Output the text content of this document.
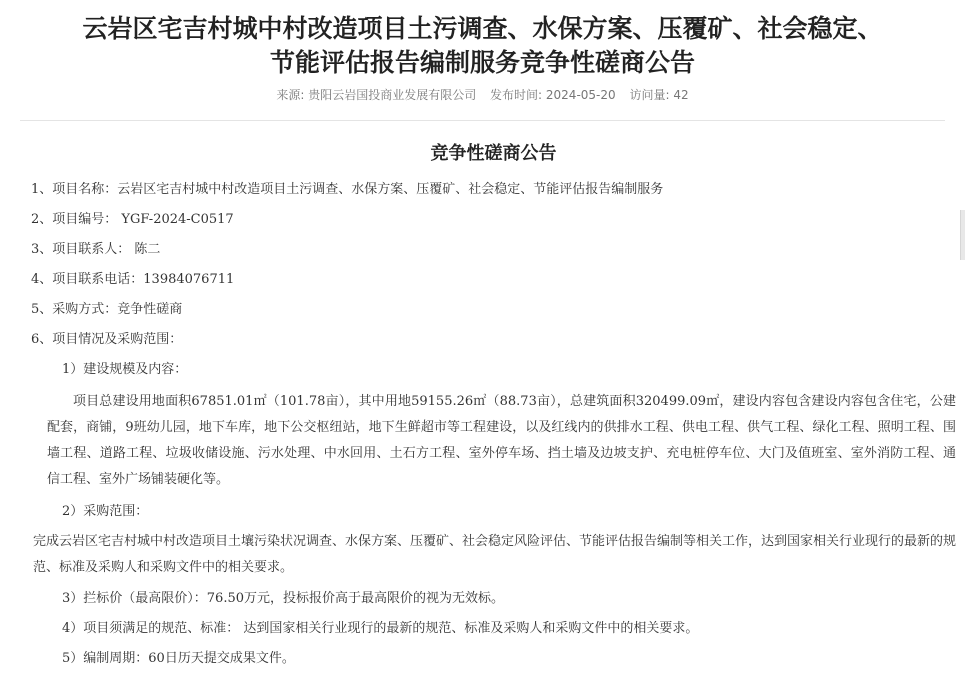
云岩区宅吉村城中村改造项目土污调查、水保方案、压覆矿、社会稳定、
节能评估报告编制服务竞争性磋商公告
来源: 贵阳云岩国投商业发展有限公司 发布时间: 2024-05-20 访问量: 42
竞争性磋商公告
1、项目名称：云岩区宅吉村城中村改造项目土污调查、水保方案、压覆矿、社会稳定、节能评估报告编制服务
2、项目编号： YGF-2024-C0517
3、项目联系人： 陈二
4、项目联系电话：13984076711
5、采购方式：竞争性磋商
6、项目情况及采购范围：
1）建设规模及内容：
项目总建设用地面积67851.01㎡（101.78亩），其中用地59155.26㎡（88.73亩），总建筑面积320499.09㎡，建设内容包含建设内容包含住宅，公建配套，商铺，9班幼儿园，地下车库，地下公交枢纽站，地下生鲜超市等工程建设，以及红线内的供排水工程、供电工程、供气工程、绿化工程、照明工程、围墙工程、道路工程、垃圾收储设施、污水处理、中水回用、土石方工程、室外停车场、挡土墙及边坡支护、充电桩停车位、大门及值班室、室外消防工程、通信工程、室外广场铺装硬化等。
2）采购范围：
完成云岩区宅吉村城中村改造项目土壤污染状况调查、水保方案、压覆矿、社会稳定风险评估、节能评估报告编制等相关工作，达到国家相关行业现行的最新的规范、标准及采购人和采购文件中的相关要求。
3）拦标价（最高限价）：76.50万元，投标报价高于最高限价的视为无效标。
4）项目须满足的规范、标准： 达到国家相关行业现行的最新的规范、标准及采购人和采购文件中的相关要求。
5）编制周期：60日历天提交成果文件。
